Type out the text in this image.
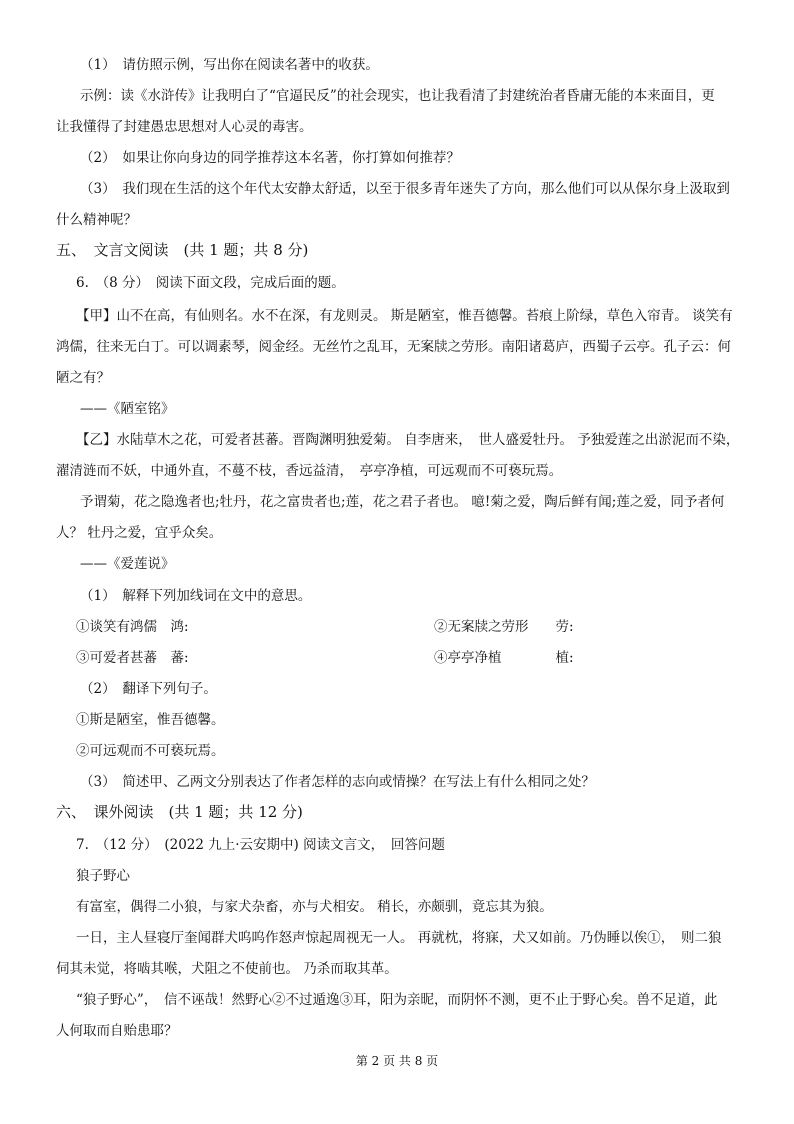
（1）　请仿照示例，写出你在阅读名著中的收获。
示例：读《水浒传》让我明白了“官逼民反”的社会现实，也让我看清了封建统治者昏庸无能的本来面目，更
让我懂得了封建愚忠思想对人心灵的毒害。
（2）　如果让你向身边的同学推荐这本名著，你打算如何推荐？
（3）　我们现在生活的这个年代太安静太舒适，以至于很多青年迷失了方向，那么他们可以从保尔身上汲取到
什么精神呢？
五、　文言文阅读　(共 1 题；共 8 分)
6.　（8 分）　阅读下面文段，完成后面的题。
【甲】山不在高，有仙则名。水不在深，有龙则灵。 斯是陋室，惟吾德馨。苔痕上阶绿，草色入帘青。 谈笑有
鸿儒，往来无白丁。可以调素琴，阅金经。无丝竹之乱耳，无案牍之劳形。南阳诸葛庐，西蜀子云亭。孔子云：何
陋之有？
——《陋室铭》
【乙】水陆草木之花，可爱者甚蕃。晋陶渊明独爱菊。 自李唐来，　世人盛爱牡丹。 予独爱莲之出淤泥而不染，
濯清涟而不妖，中通外直，不蔓不枝，香远益清，　亭亭净植，可远观而不可亵玩焉。
予谓菊，花之隐逸者也;牡丹，花之富贵者也;莲，花之君子者也。 噫!菊之爱，陶后鲜有闻;莲之爱，同予者何
人？ 牡丹之爱，宜乎众矣。
——《爱莲说》
（1）　解释下列加线词在文中的意思。
①谈笑有鸿儒　鸿:	②无案牍之劳形　　劳:
③可爱者甚蕃　蕃:	④亭亭净植　　　　植:
（2）　翻译下列句子。
①斯是陋室，惟吾德馨。
②可远观而不可亵玩焉。
（3）　简述甲、乙两文分别表达了作者怎样的志向或情操？在写法上有什么相同之处？
六、　课外阅读　(共 1 题；共 12 分)
7.　（12 分）　(2022 九上·云安期中) 阅读文言文，　回答问题
狼子野心
有富室，偶得二小狼，与家犬杂畜，亦与犬相安。 稍长，亦颇驯，竟忘其为狼。
一日，主人昼寝厅奎闻群犬呜呜作怒声惊起周视无一人。 再就枕，将寐，犬又如前。乃伪睡以俟①，　则二狼
伺其未觉，将啮其喉，犬阻之不使前也。 乃杀而取其革。
“狼子野心”，　信不诬哉！然野心②不过遁逸③耳，阳为亲昵，而阴怀不测，更不止于野心矣。兽不足道，此
人何取而自贻患耶？
第 2 页 共 8 页
